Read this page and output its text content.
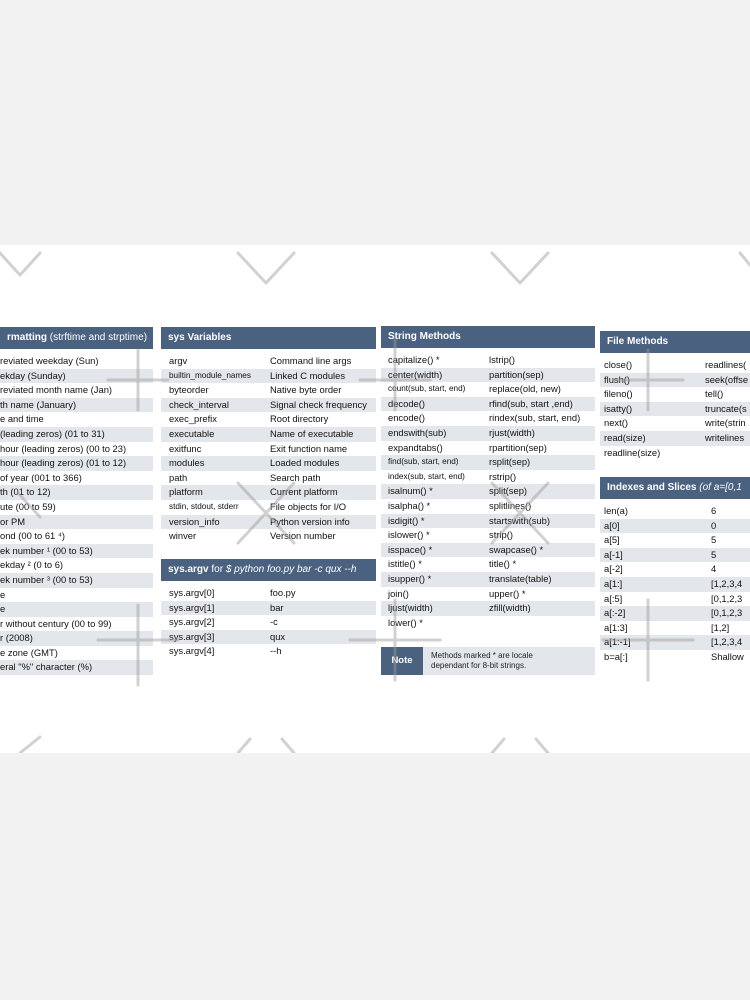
rmatting (strftime and strptime)
reviated weekday (Sun)
ekday (Sunday)
reviated month name (Jan)
th name (January)
e and time
(leading zeros) (01 to 31)
hour (leading zeros) (00 to 23)
hour (leading zeros) (01 to 12)
of year (001 to 366)
th (01 to 12)
ute (00 to 59)
or PM
ond (00 to 61 ⁴)
ek number ¹ (00 to 53)
ekday ² (0 to 6)
ek number ³ (00 to 53)
e
e
r without century (00 to 99)
r (2008)
e zone (GMT)
eral "%" character (%)
sys Variables
argv	Command line args
builtin_module_names Linked C modules
byteorder	Native byte order
check_interval	Signal check frequency
exec_prefix	Root directory
executable	Name of executable
exitfunc	Exit function name
modules	Loaded modules
path	Search path
platform	Current platform
stdin, stdout, stderr	File objects for I/O
version_info	Python version info
winver	Version number
sys.argv for $ python foo.py bar -c qux --h
sys.argv[0]	foo.py
sys.argv[1]	bar
sys.argv[2]	-c
sys.argv[3]	qux
sys.argv[4]	--h
String Methods
capitalize() *	lstrip()
center(width)	partition(sep)
count(sub, start, end)	replace(old, new)
decode()	rfind(sub, start ,end)
encode()	rindex(sub, start, end)
endswith(sub)	rjust(width)
expandtabs()	rpartition(sep)
find(sub, start, end)	rsplit(sep)
index(sub, start, end)	rstrip()
isalnum() *	split(sep)
isalpha() *	splitlines()
isdigit() *	startswith(sub)
islower() *	strip()
isspace() *	swapcase() *
istitle() *	title() *
isupper() *	translate(table)
join()	upper() *
ljust(width)	zfill(width)
lower() *
Note	Methods marked * are locale
dependant for 8-bit strings.
File Methods
close()	readlines(
flush()	seek(offse
fileno()	tell()
isatty()	truncate(s
next()	write(strin
read(size)	writelines
readline(size)
Indexes and Slices (of a=[0,1
len(a)	6
a[0]	0
a[5]	5
a[-1]	5
a[-2]	4
a[1:]	[1,2,3,4
a[:5]	[0,1,2,3
a[:-2]	[0,1,2,3
a[1:3]	[1,2]
a[1:-1]	[1,2,3,4
b=a[:]	Shallow
